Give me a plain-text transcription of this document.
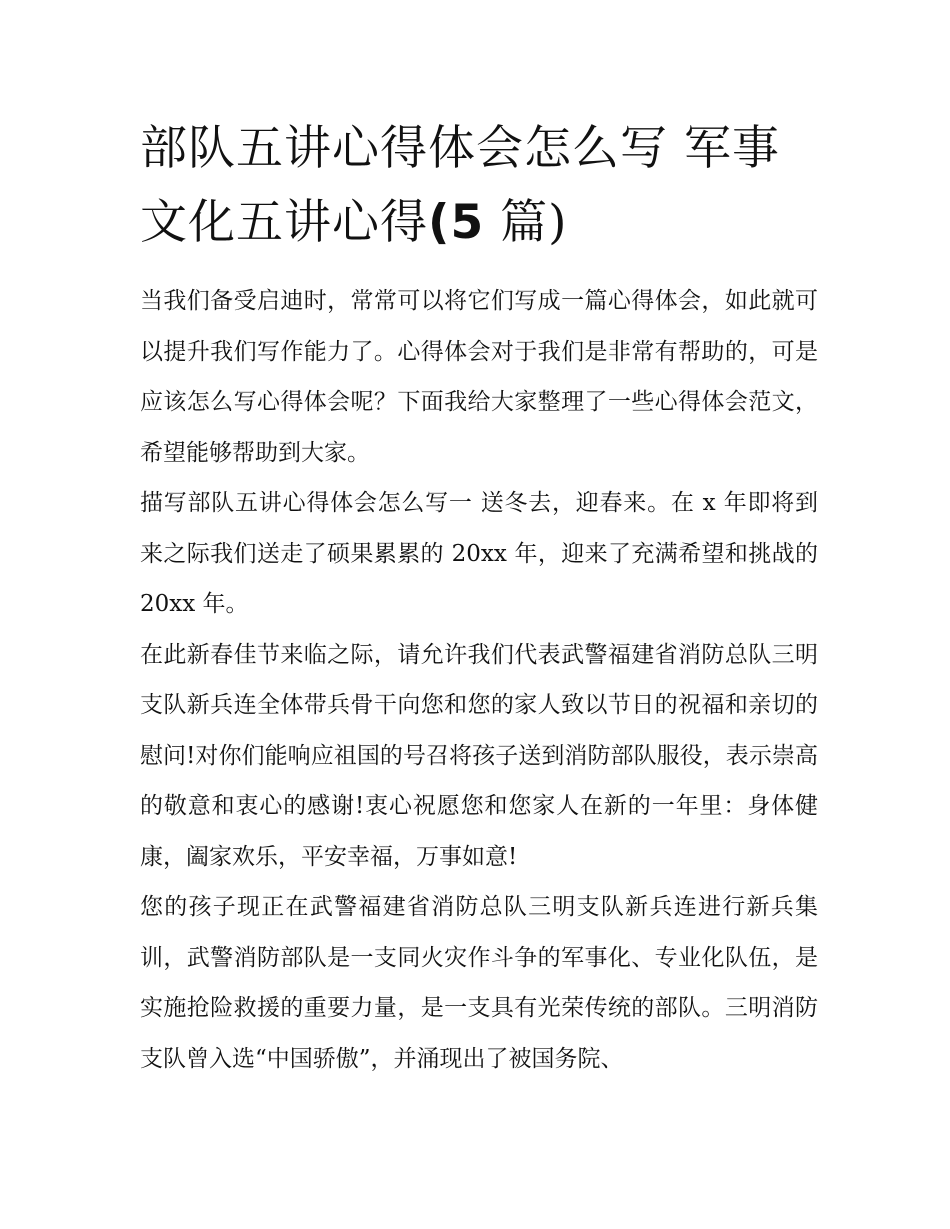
部队五讲心得体会怎么写 军事文化五讲心得(5 篇)

当我们备受启迪时，常常可以将它们写成一篇心得体会，如此就可以提升我们写作能力了。心得体会对于我们是非常有帮助的，可是应该怎么写心得体会呢？下面我给大家整理了一些心得体会范文，希望能够帮助到大家。

描写部队五讲心得体会怎么写一 送冬去，迎春来。在 x 年即将到来之际我们送走了硕果累累的 20xx 年，迎来了充满希望和挑战的 20xx 年。

在此新春佳节来临之际，请允许我们代表武警福建省消防总队三明支队新兵连全体带兵骨干向您和您的家人致以节日的祝福和亲切的慰问!对你们能响应祖国的号召将孩子送到消防部队服役，表示崇高的敬意和衷心的感谢!衷心祝愿您和您家人在新的一年里：身体健康，阖家欢乐，平安幸福，万事如意!

您的孩子现正在武警福建省消防总队三明支队新兵连进行新兵集训，武警消防部队是一支同火灾作斗争的军事化、专业化队伍，是实施抢险救援的重要力量，是一支具有光荣传统的部队。三明消防支队曾入选“中国骄傲”，并涌现出了被国务院、
